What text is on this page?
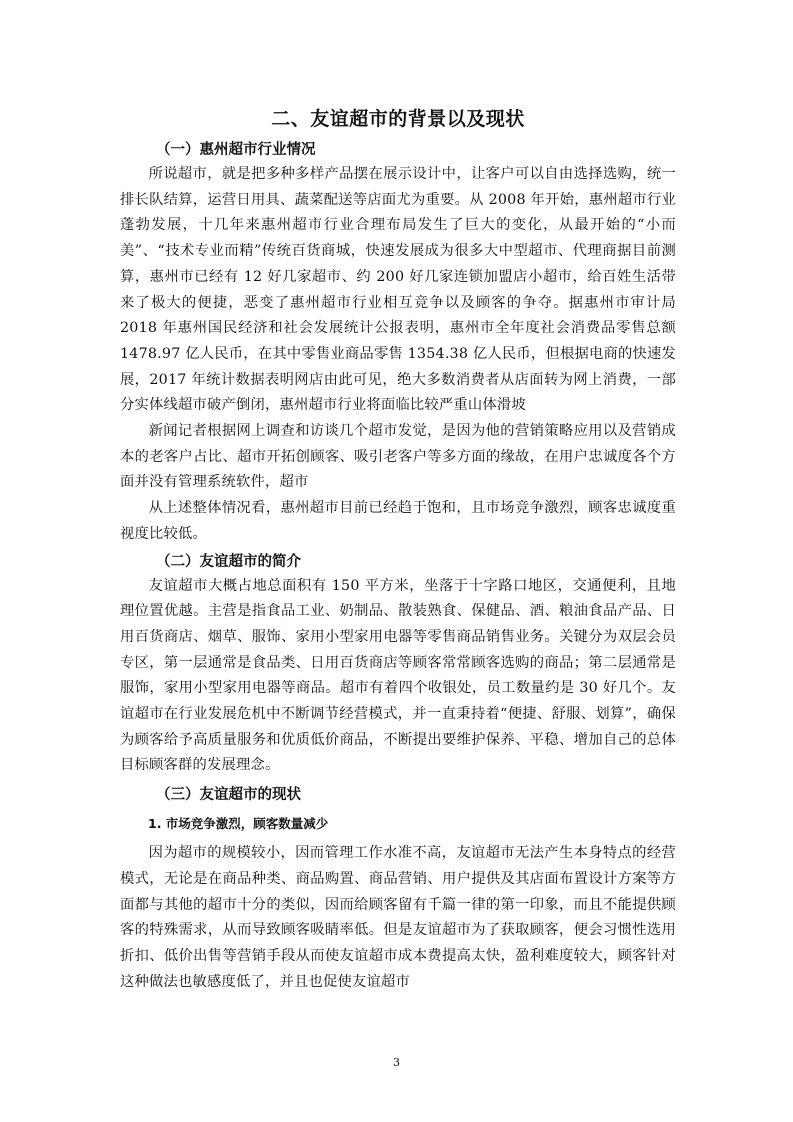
二、友谊超市的背景以及现状
（一）惠州超市行业情况

所说超市，就是把多种多样产品摆在展示设计中，让客户可以自由选择选购，统一排长队结算，运营日用具、蔬菜配送等店面尤为重要。从 2008 年开始，惠州超市行业蓬勃发展，十几年来惠州超市行业合理布局发生了巨大的变化，从最开始的“小而美”、“技术专业而精”传统百货商城，快速发展成为很多大中型超市、代理商据目前测算，惠州市已经有 12 好几家超市、约 200 好几家连锁加盟店小超市，给百姓生活带来了极大的便捷，恶变了惠州超市行业相互竞争以及顾客的争夺。据惠州市审计局 2018 年惠州国民经济和社会发展统计公报表明，惠州市全年度社会消费品零售总额 1478.97 亿人民币，在其中零售业商品零售 1354.38 亿人民币，但根据电商的快速发展，2017 年统计数据表明网店由此可见，绝大多数消费者从店面转为网上消费，一部分实体线超市破产倒闭，惠州超市行业将面临比较严重山体滑坡

新闻记者根据网上调查和访谈几个超市发觉，是因为他的营销策略应用以及营销成本的老客户占比、超市开拓创顾客、吸引老客户等多方面的缘故，在用户忠诚度各个方面并没有管理系统软件，超市

从上述整体情况看，惠州超市目前已经趋于饱和，且市场竞争激烈，顾客忠诚度重视度比较低。

（二）友谊超市的简介

友谊超市大概占地总面积有 150 平方米，坐落于十字路口地区，交通便利，且地理位置优越。主营是指食品工业、奶制品、散装熟食、保健品、酒、粮油食品产品、日用百货商店、烟草、服饰、家用小型家用电器等零售商品销售业务。关键分为双层会员专区，第一层通常是食品类、日用百货商店等顾客常常顾客选购的商品；第二层通常是服饰，家用小型家用电器等商品。超市有着四个收银处，员工数量约是 30 好几个。友谊超市在行业发展危机中不断调节经营模式，并一直秉持着“便捷、舒服、划算”，确保为顾客给予高质量服务和优质低价商品，不断提出要维护保养、平稳、增加自己的总体目标顾客群的发展理念。

（三）友谊超市的现状
1. 市场竞争激烈，顾客数量减少

因为超市的规模较小，因而管理工作水准不高，友谊超市无法产生本身特点的经营模式，无论是在商品种类、商品购置、商品营销、用户提供及其店面布置设计方案等方面都与其他的超市十分的类似，因而给顾客留有千篇一律的第一印象，而且不能提供顾客的特殊需求，从而导致顾客吸睛率低。但是友谊超市为了获取顾客，便会习惯性选用折扣、低价出售等营销手段从而使友谊超市成本费提高太快，盈利难度较大，顾客针对这种做法也敏感度低了，并且也促使友谊超市

3
